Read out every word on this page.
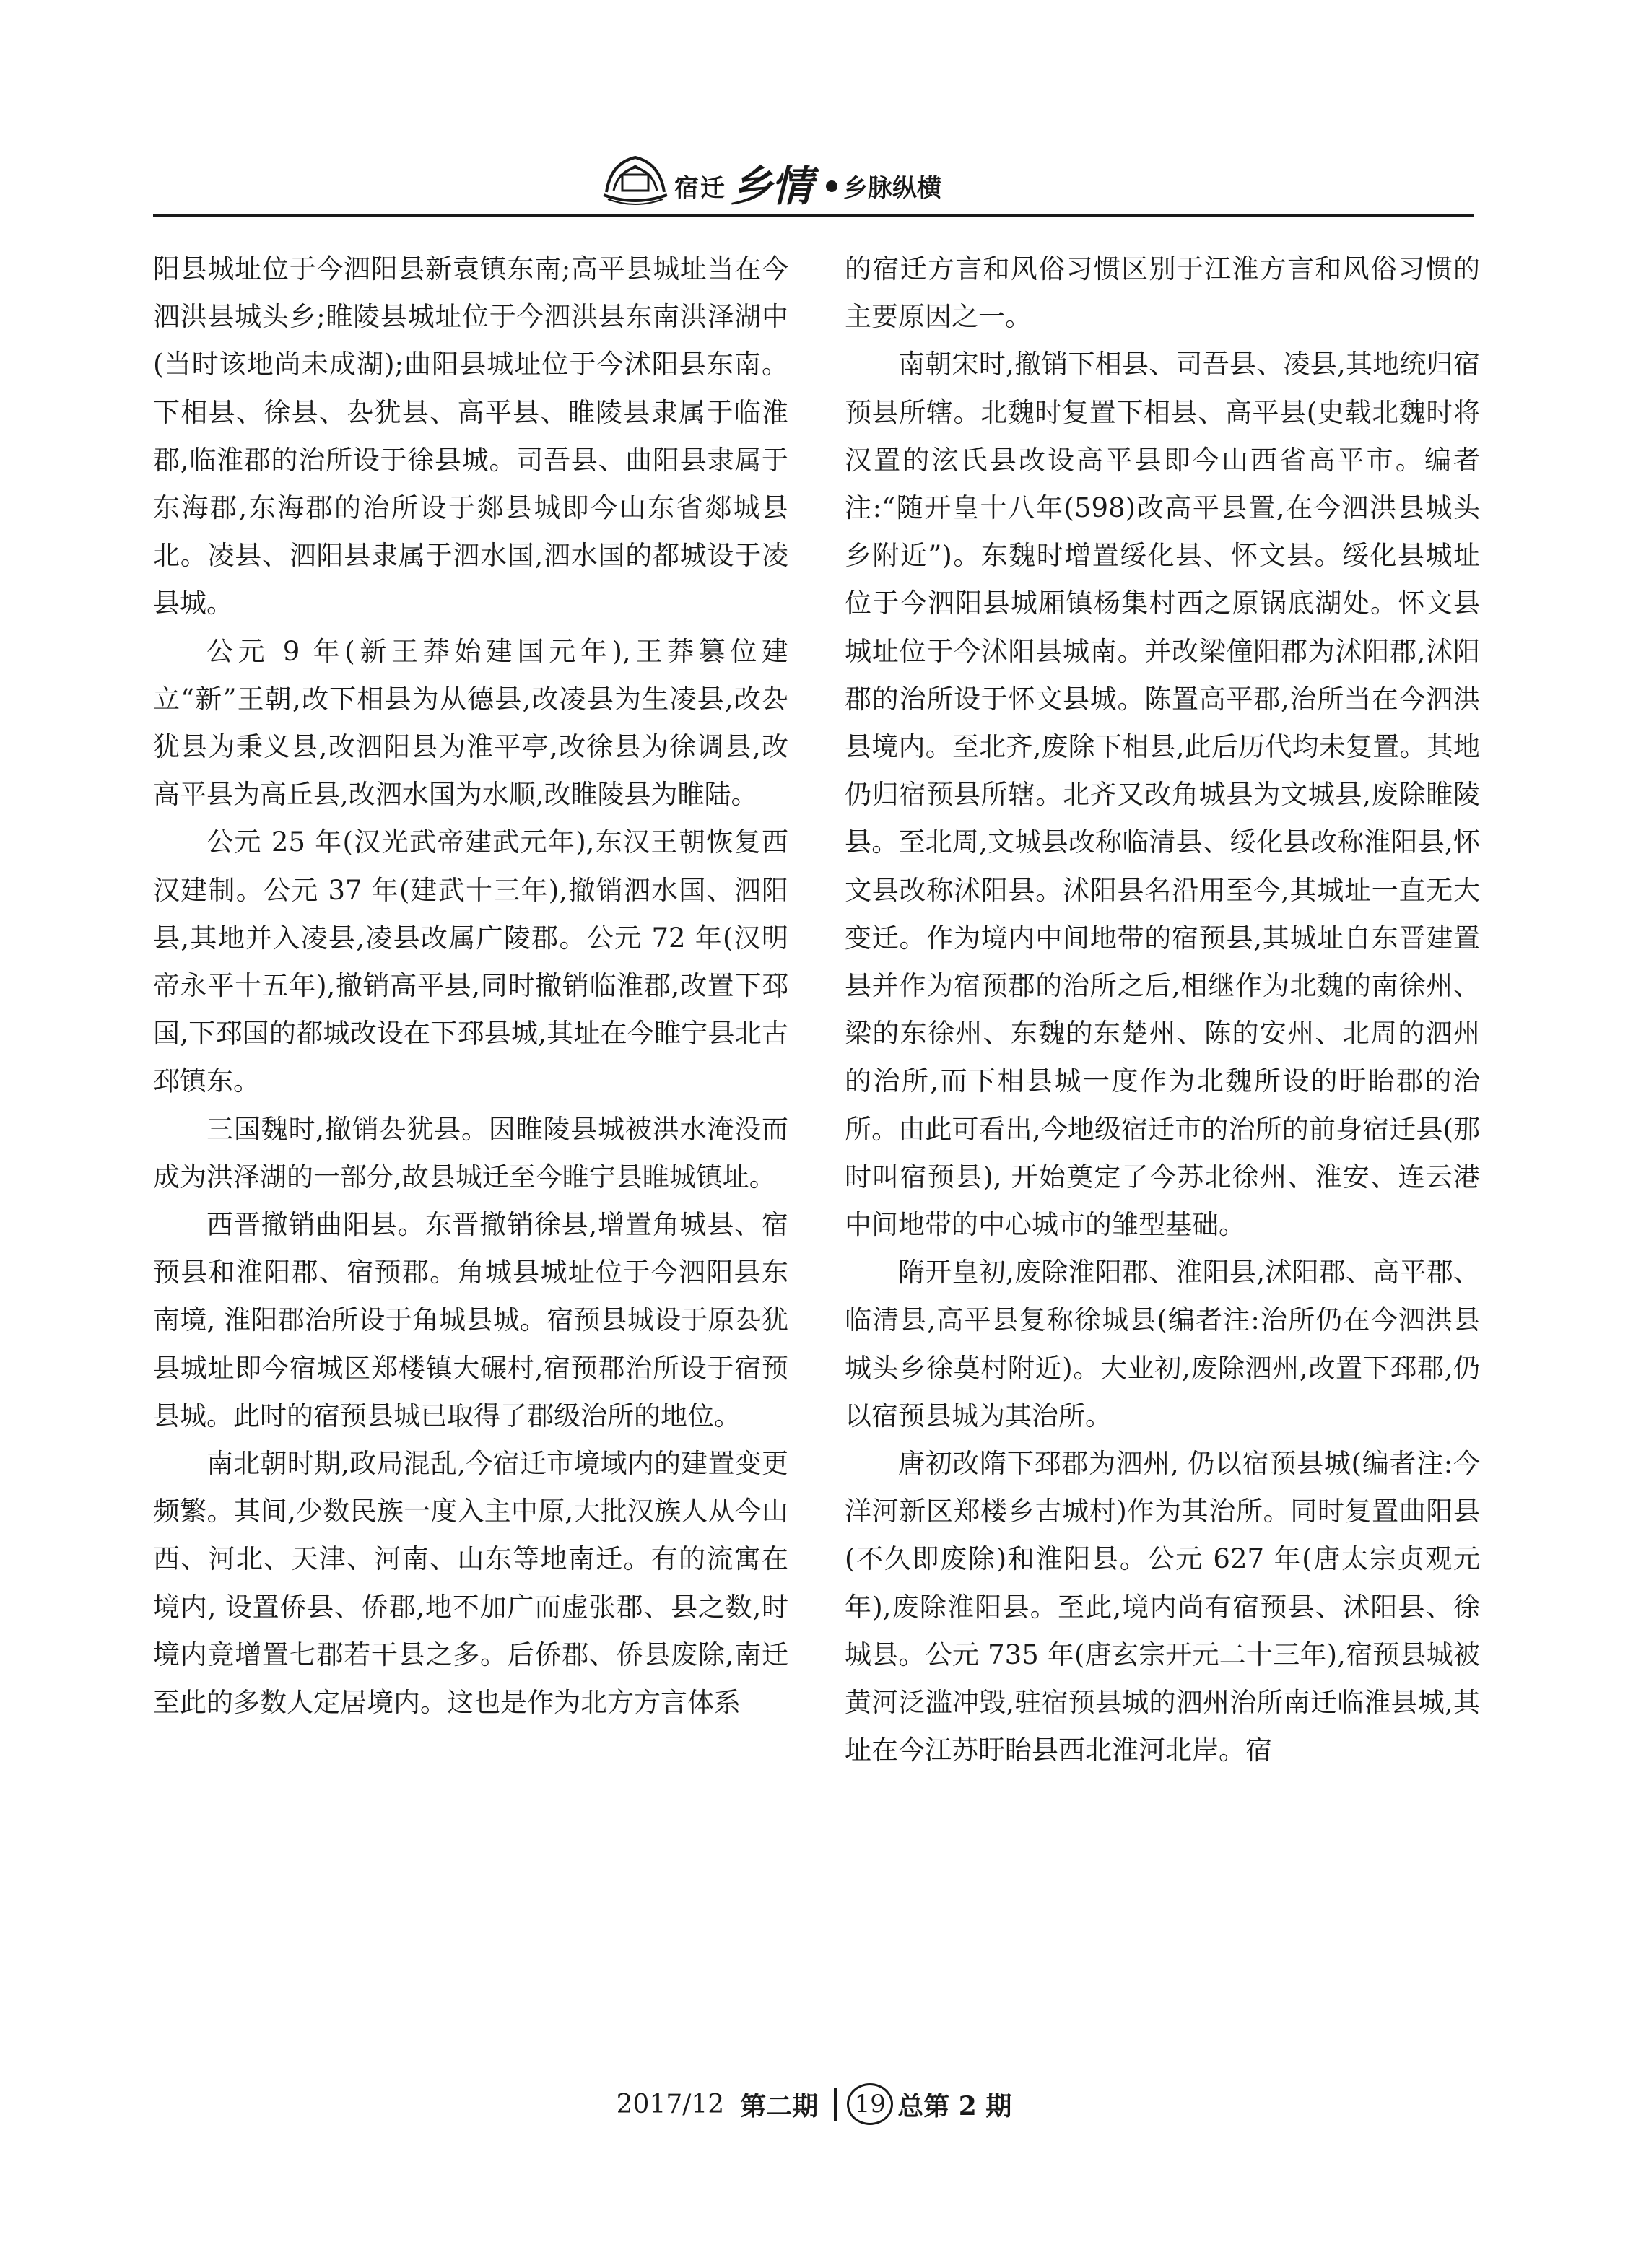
宿迁 乡情 乡脉纵横

阳县城址位于今泗阳县新袁镇东南;高平县城址当在今泗洪县城头乡;睢陵县城址位于今泗洪县东南洪泽湖中(当时该地尚未成湖);曲阳县城址位于今沭阳县东南。下相县、徐县、厹犹县、高平县、睢陵县隶属于临淮郡,临淮郡的治所设于徐县城。司吾县、曲阳县隶属于东海郡,东海郡的治所设于郯县城即今山东省郯城县北。凌县、泗阳县隶属于泗水国,泗水国的都城设于凌县城。

公元 9 年(新王莽始建国元年),王莽篡位建立“新”王朝,改下相县为从德县,改凌县为生凌县,改厹犹县为秉义县,改泗阳县为淮平亭,改徐县为徐调县,改高平县为高丘县,改泗水国为水顺,改睢陵县为睢陆。

公元 25 年(汉光武帝建武元年),东汉王朝恢复西汉建制。公元 37 年(建武十三年),撤销泗水国、泗阳县,其地并入凌县,凌县改属广陵郡。公元 72 年(汉明帝永平十五年),撤销高平县,同时撤销临淮郡,改置下邳国,下邳国的都城改设在下邳县城,其址在今睢宁县北古邳镇东。

三国魏时,撤销厹犹县。因睢陵县城被洪水淹没而成为洪泽湖的一部分,故县城迁至今睢宁县睢城镇址。

西晋撤销曲阳县。东晋撤销徐县,增置角城县、宿预县和淮阳郡、宿预郡。角城县城址位于今泗阳县东南境, 淮阳郡治所设于角城县城。宿预县城设于原厹犹县城址即今宿城区郑楼镇大碾村,宿预郡治所设于宿预县城。此时的宿预县城已取得了郡级治所的地位。

南北朝时期,政局混乱,今宿迁市境域内的建置变更频繁。其间,少数民族一度入主中原,大批汉族人从今山西、河北、天津、河南、山东等地南迁。有的流寓在境内, 设置侨县、侨郡,地不加广而虚张郡、县之数,时境内竟增置七郡若干县之多。后侨郡、侨县废除,南迁至此的多数人定居境内。这也是作为北方方言体系

的宿迁方言和风俗习惯区别于江淮方言和风俗习惯的主要原因之一。

南朝宋时,撤销下相县、司吾县、凌县,其地统归宿预县所辖。北魏时复置下相县、高平县(史载北魏时将汉置的泫氏县改设高平县即今山西省高平市。编者注:“随开皇十八年(598)改高平县置,在今泗洪县城头乡附近”)。东魏时增置绥化县、怀文县。绥化县城址位于今泗阳县城厢镇杨集村西之原锅底湖处。怀文县城址位于今沭阳县城南。并改梁僮阳郡为沭阳郡,沭阳郡的治所设于怀文县城。陈置高平郡,治所当在今泗洪县境内。至北齐,废除下相县,此后历代均未复置。其地仍归宿预县所辖。北齐又改角城县为文城县,废除睢陵县。至北周,文城县改称临清县、绥化县改称淮阳县,怀文县改称沭阳县。沭阳县名沿用至今,其城址一直无大变迁。作为境内中间地带的宿预县,其城址自东晋建置县并作为宿预郡的治所之后,相继作为北魏的南徐州、梁的东徐州、东魏的东楚州、陈的安州、北周的泗州的治所,而下相县城一度作为北魏所设的盱眙郡的治所。由此可看出,今地级宿迁市的治所的前身宿迁县(那时叫宿预县), 开始奠定了今苏北徐州、淮安、连云港中间地带的中心城市的雏型基础。

隋开皇初,废除淮阳郡、淮阳县,沭阳郡、高平郡、临清县,高平县复称徐城县(编者注:治所仍在今泗洪县城头乡徐莫村附近)。大业初,废除泗州,改置下邳郡,仍以宿预县城为其治所。

唐初改隋下邳郡为泗州, 仍以宿预县城(编者注:今洋河新区郑楼乡古城村)作为其治所。同时复置曲阳县(不久即废除)和淮阳县。公元 627 年(唐太宗贞观元年),废除淮阳县。至此,境内尚有宿预县、沭阳县、徐城县。公元 735 年(唐玄宗开元二十三年),宿预县城被黄河泛滥冲毁,驻宿预县城的泗州治所南迁临淮县城,其址在今江苏盱眙县西北淮河北岸。宿

2017/12 第二期	19 总第 2 期
